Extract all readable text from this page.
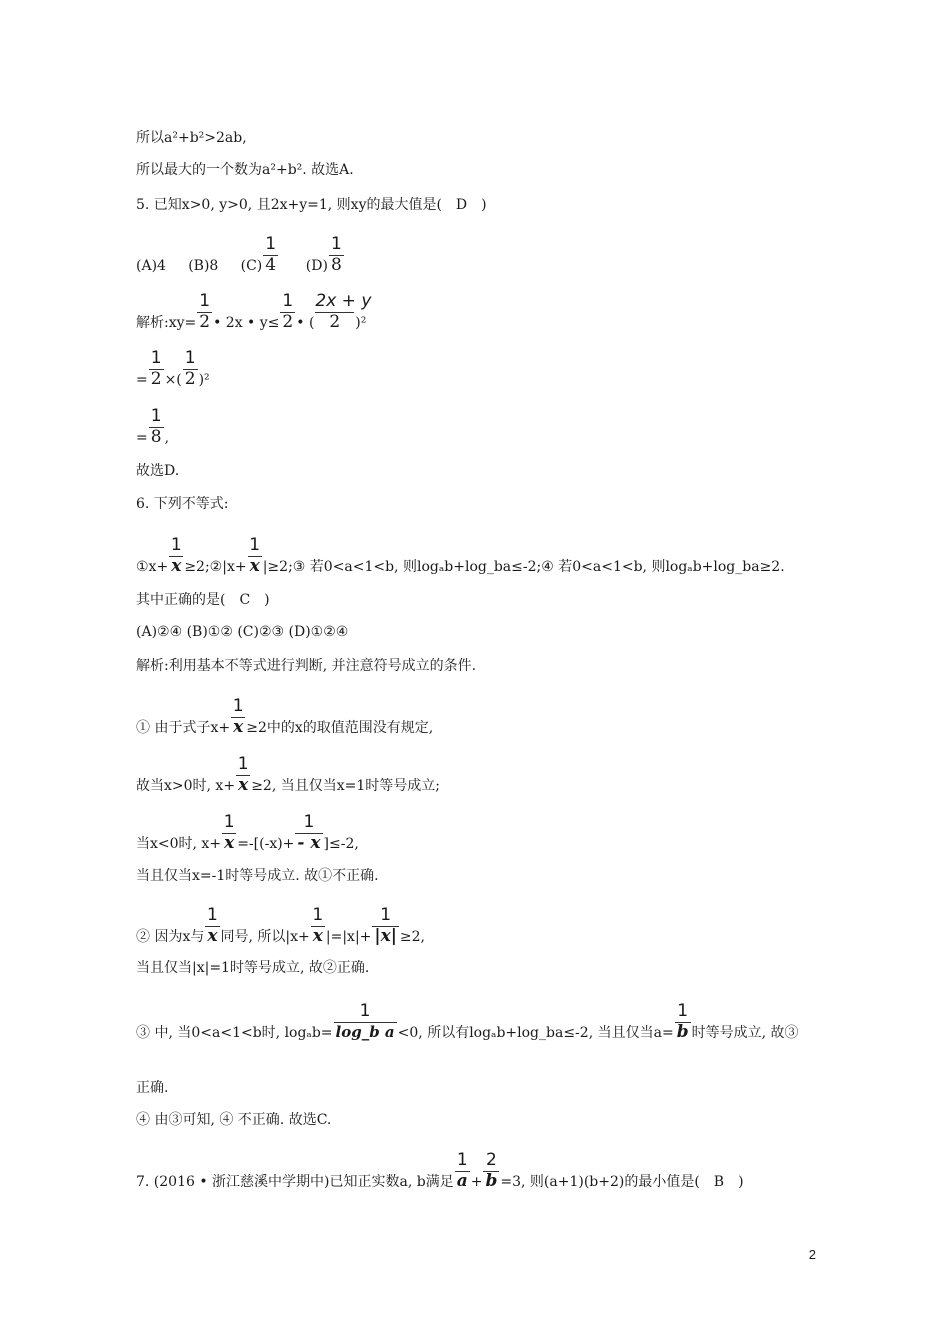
所以a²+b²>2ab,
所以最大的一个数为a²+b². 故选A.
5. 已知x>0, y>0, 且2x+y=1, 则xy的最大值是(　D　)
(A)4 (B)8 $(C) \frac{1}{4} (D) \frac{1}{8}$
解析:xy= $\frac{1}{2}•$ 2x • $y\le \frac{1}{2}•$ ( $\frac{2x + y}{2})^2$
= $\frac{1}{2}\times( \frac{1}{2})^2$
= $\frac{1}{8}$,
故选D.
6. 下列不等式:
①x+ $\frac{1}{x}\ge 2;②|x+$ $\frac{1}{x}|\ge 2;③$ 若0<a<1<b, 则logₐb+log_ba≤-2;④ 若0<a<1<b, 则logₐb+log_ba≥2.
其中正确的是(　C　)
(A)②④ (B)①② (C)②③ (D)①②④
解析:利用基本不等式进行判断, 并注意符号成立的条件.
① 由于式子$x+ \frac{1}{x}\ge 2$中的x的取值范围没有规定,
故当x>0时, $x+ \frac{1}{x}\ge 2$, 当且仅当x=1时等号成立;
当x<0时, $x+ \frac{1}{x}=-[(-x)+ \frac{1}{- x}]\le-2$,
当且仅当x=-1时等号成立. 故①不正确.
② 因为x与 $\frac{1}{x}$同号, 所以$|x+ \frac{1}{x}|=|x|+ \frac{1}{|x|}\ge 2$,
当且仅当|x|=1时等号成立, 故②正确.
③ 中, 当0<a<1<b时, $\log_ab= \frac{1}{\text{log\_b a}}<0$, 所以有logₐb+log_ba≤-2, 当且仅当$a= \frac{1}{b}$时等号成立, 故③
正确.
④ 由③可知, ④ 不正确. 故选C.
7. (2016 • 浙江慈溪中学期中)已知正实数a, b满足 $\frac{1}{a}+ \frac{2}{b}=3$, 则(a+1)(b+2)的最小值是(　B　)
2
